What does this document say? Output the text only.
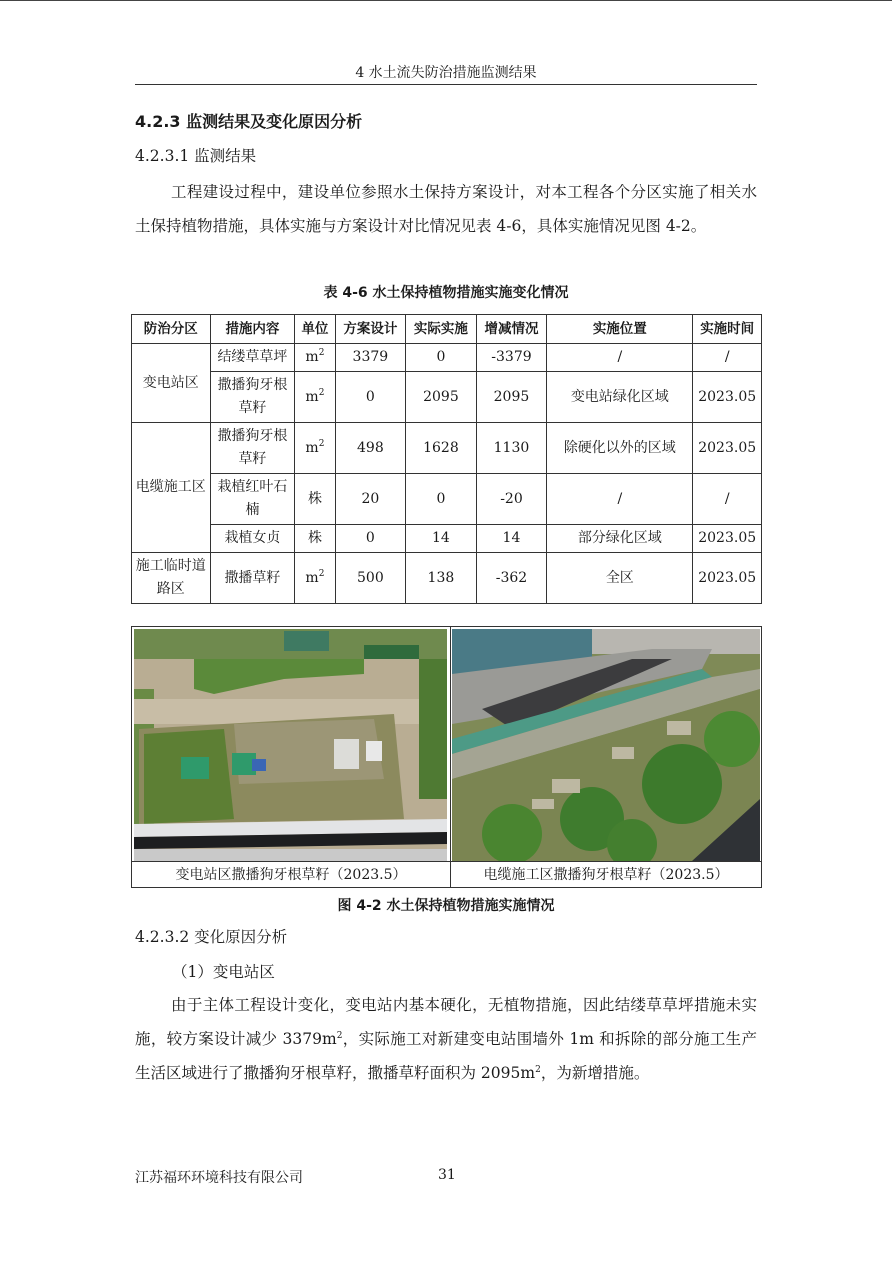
4 水土流失防治措施监测结果
4.2.3 监测结果及变化原因分析
4.2.3.1 监测结果

工程建设过程中，建设单位参照水土保持方案设计，对本工程各个分区实施了相关水土保持植物措施，具体实施与方案设计对比情况见表 4-6，具体实施情况见图 4-2。

表 4-6 水土保持植物措施实施变化情况
防治分区	措施内容	单位	方案设计	实际实施	增减情况	实施位置	实施时间
变电站区	结缕草草坪	$m^2$	3379	0	-3379	/	/
	撒播狗牙根草籽	$m^2$	0	2095	2095	变电站绿化区域	2023.05
电缆施工区	撒播狗牙根草籽	$m^2$	498	1628	1130	除硬化以外的区域	2023.05
	栽植红叶石楠	株	20	0	-20	/	/
	栽植女贞	株	0	14	14	部分绿化区域	2023.05
施工临时道路区	撒播草籽	$m^2$	500	138	-362	全区	2023.05
变电站区撒播狗牙根草籽（2023.5）	电缆施工区撒播狗牙根草籽（2023.5）
图 4-2 水土保持植物措施实施情况
4.2.3.2 变化原因分析
（1）变电站区

由于主体工程设计变化，变电站内基本硬化，无植物措施，因此结缕草草坪措施未实施，较方案设计减少 $3379m^2$，实际施工对新建变电站围墙外 1m 和拆除的部分施工生产生活区域进行了撒播狗牙根草籽，撒播草籽面积为 $2095m^2$，为新增措施。

江苏福环环境科技有限公司	31
